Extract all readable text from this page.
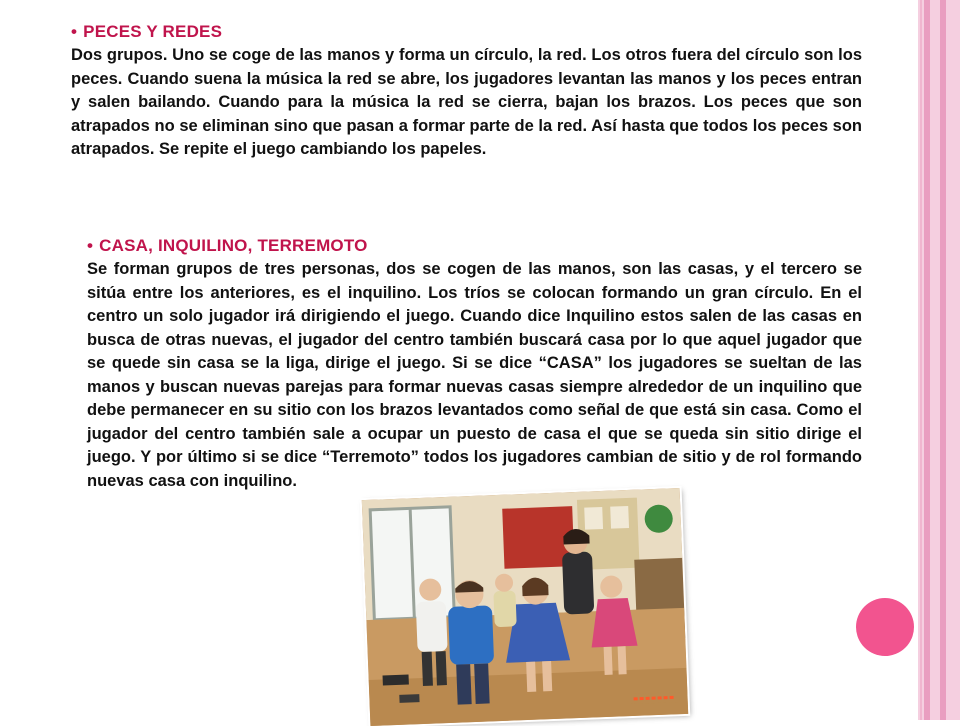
• PECES Y REDES

Dos grupos. Uno se coge de las manos y forma un círculo, la red. Los otros fuera del círculo son los peces. Cuando suena la música la red se abre, los jugadores levantan las manos y los peces entran y salen bailando. Cuando para la música la red se cierra, bajan los brazos. Los peces que son atrapados no se eliminan sino que pasan a formar parte de la red. Así hasta que todos los peces son atrapados. Se repite el juego cambiando los papeles.

• CASA, INQUILINO, TERREMOTO

Se forman grupos de tres personas, dos se cogen de las manos, son las casas, y el tercero se sitúa entre los anteriores, es el inquilino. Los tríos se colocan formando un gran círculo. En el centro un solo jugador irá dirigiendo el juego. Cuando dice Inquilino estos salen de las casas en busca de otras nuevas, el jugador del centro también buscará casa por lo que aquel jugador que se quede sin casa se la liga, dirige el juego. Si se dice “CASA” los jugadores se sueltan de las manos y buscan nuevas parejas para formar nuevas casas siempre alrededor de un inquilino que debe permanecer en su sitio con los brazos levantados como señal de que está sin casa. Como el jugador del centro también sale a ocupar un puesto de casa el que se queda sin sitio dirige el juego. Y por último si se dice “Terremoto” todos los jugadores cambian de sitio y de rol formando nuevas casa con inquilino.
